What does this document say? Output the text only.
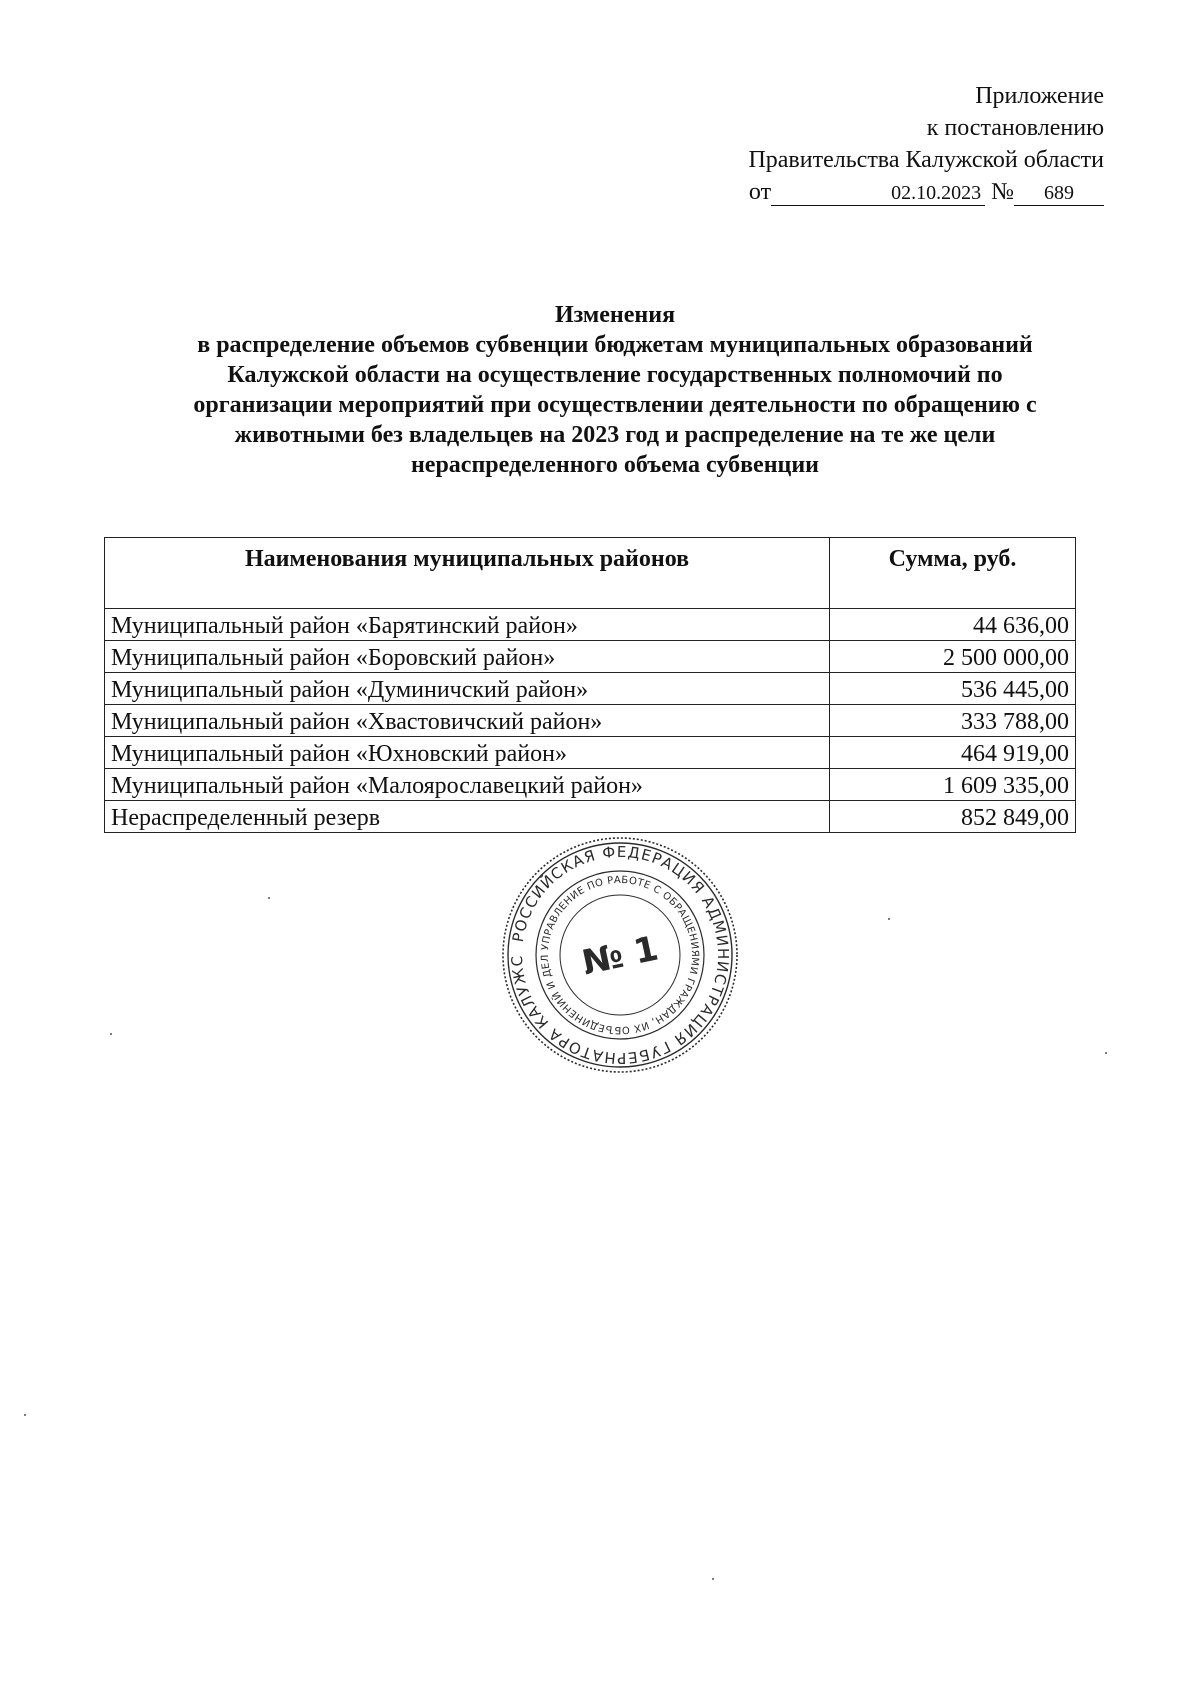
Приложение
к постановлению
Правительства Калужской области
от	02.10.2023 № 689
Изменения
в распределение объемов субвенции бюджетам муниципальных образований
Калужской области на осуществление государственных полномочий по
организации мероприятий при осуществлении деятельности по обращению с
животными без владельцев на 2023 год и распределение на те же цели
нераспределенного объема субвенции
Наименования муниципальных районов	Сумма, руб.
Муниципальный район «Барятинский район»	44 636,00
Муниципальный район «Боровский район»	2 500 000,00
Муниципальный район «Думиничский район»	536 445,00
Муниципальный район «Хвастовичский район»	333 788,00
Муниципальный район «Юхновский район»	464 919,00
Муниципальный район «Малоярославецкий район»	1 609 335,00
Нераспределенный резерв	852 849,00
РОССИЙСКАЯ ФЕДЕРАЦИЯ АДМИНИСТРАЦИЯ ГУБЕРНАТОРА КАЛУЖС
УПРАВЛЕНИЕ ПО РАБОТЕ С ОБРАЩЕНИЯМИ ГРАЖДАН, ИХ ОБЪЕДИНЕНИЙ И ДЕЛ № 1
